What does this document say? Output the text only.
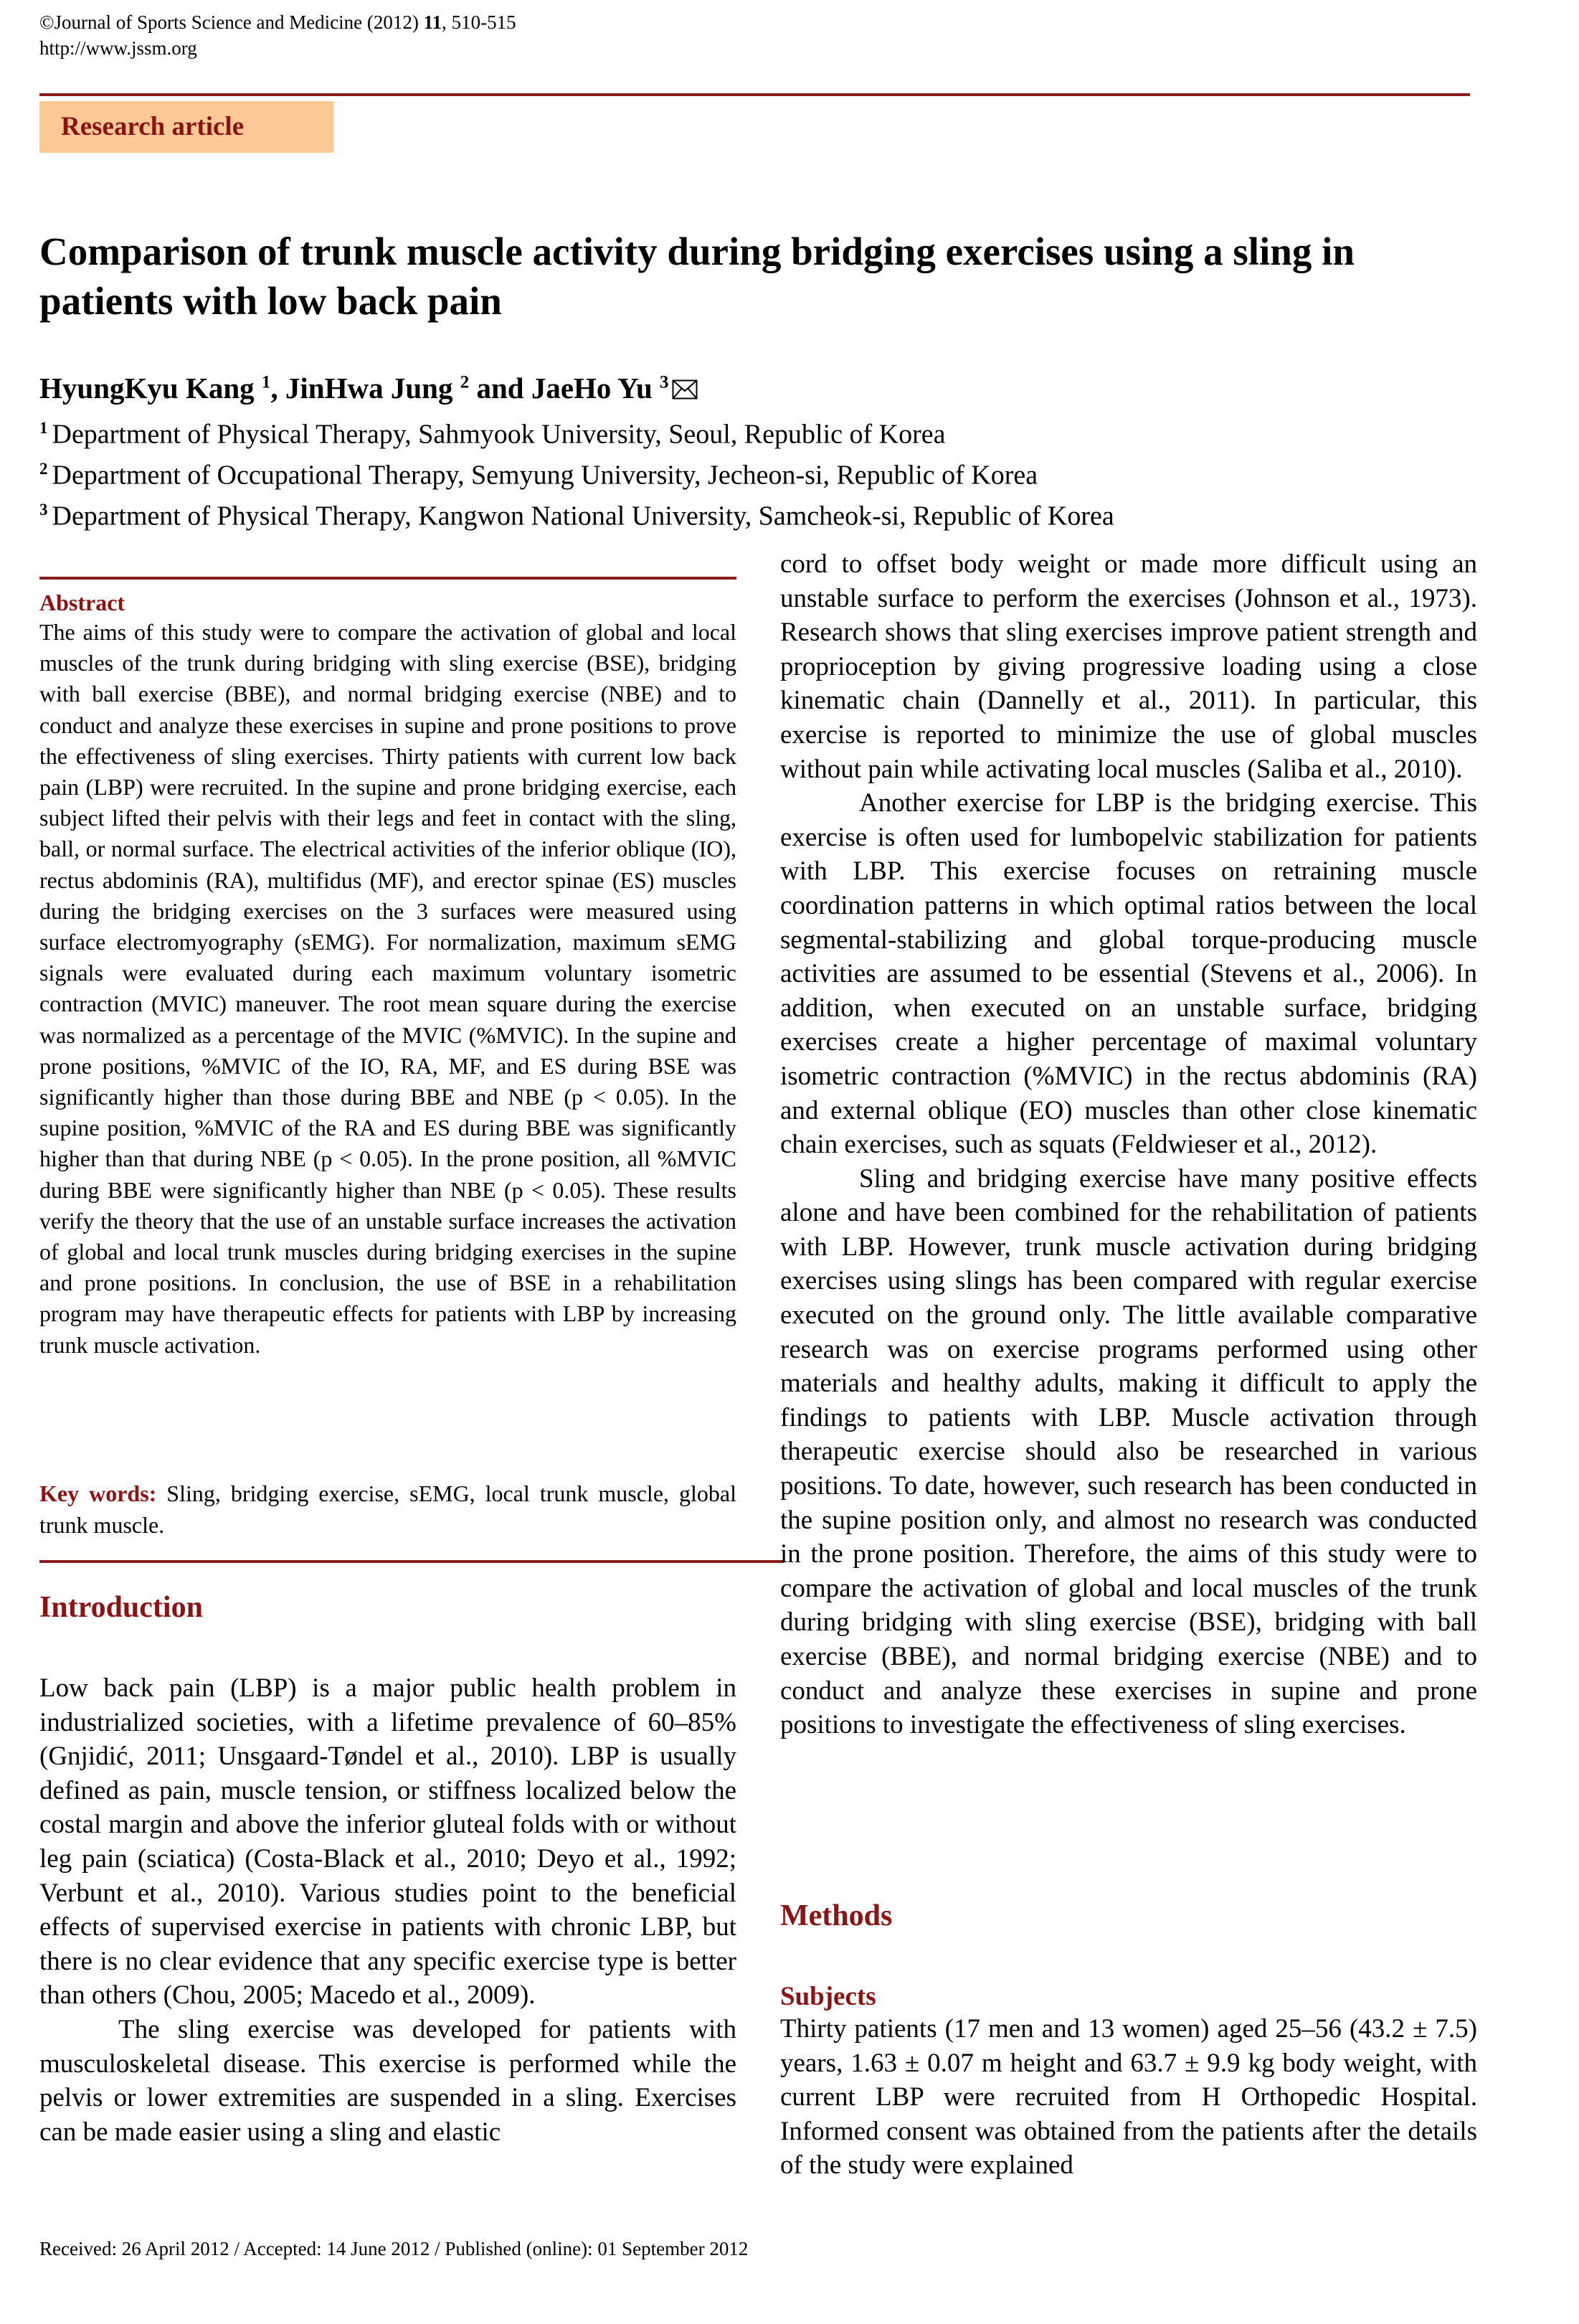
©Journal of Sports Science and Medicine (2012) 11, 510-515
http://www.jssm.org
Research article
Comparison of trunk muscle activity during bridging exercises using a sling in patients with low back pain
HyungKyu Kang $^1$, JinHwa Jung $^2$ and JaeHo Yu $^3$
$^1$ Department of Physical Therapy, Sahmyook University, Seoul, Republic of Korea
$^2$ Department of Occupational Therapy, Semyung University, Jecheon-si, Republic of Korea
$^3$ Department of Physical Therapy, Kangwon National University, Samcheok-si, Republic of Korea
Abstract

The aims of this study were to compare the activation of global and local muscles of the trunk during bridging with sling exercise (BSE), bridging with ball exercise (BBE), and normal bridging exercise (NBE) and to conduct and analyze these exercises in supine and prone positions to prove the effectiveness of sling exercises. Thirty patients with current low back pain (LBP) were recruited. In the supine and prone bridging exercise, each subject lifted their pelvis with their legs and feet in contact with the sling, ball, or normal surface. The electrical activities of the inferior oblique (IO), rectus abdominis (RA), multifidus (MF), and erector spinae (ES) muscles during the bridging exercises on the 3 surfaces were measured using surface electromyography (sEMG). For normalization, maximum sEMG signals were evaluated during each maximum voluntary isometric contraction (MVIC) maneuver. The root mean square during the exercise was normalized as a percentage of the MVIC (%MVIC). In the supine and prone positions, %MVIC of the IO, RA, MF, and ES during BSE was significantly higher than those during BBE and NBE (p < 0.05). In the supine position, %MVIC of the RA and ES during BBE was significantly higher than that during NBE (p < 0.05). In the prone position, all %MVIC during BBE were significantly higher than NBE (p < 0.05). These results verify the theory that the use of an unstable surface increases the activation of global and local trunk muscles during bridging exercises in the supine and prone positions. In conclusion, the use of BSE in a rehabilitation program may have therapeutic effects for patients with LBP by increasing trunk muscle activation.

Key words: Sling, bridging exercise, sEMG, local trunk muscle, global trunk muscle.
Introduction

Low back pain (LBP) is a major public health problem in industrialized societies, with a lifetime prevalence of 60–85% (Gnjidić, 2011; Unsgaard-Tøndel et al., 2010). LBP is usually defined as pain, muscle tension, or stiffness localized below the costal margin and above the inferior gluteal folds with or without leg pain (sciatica) (Costa-Black et al., 2010; Deyo et al., 1992; Verbunt et al., 2010). Various studies point to the beneficial effects of supervised exercise in patients with chronic LBP, but there is no clear evidence that any specific exercise type is better than others (Chou, 2005; Macedo et al., 2009).

The sling exercise was developed for patients with musculoskeletal disease. This exercise is performed while the pelvis or lower extremities are suspended in a sling. Exercises can be made easier using a sling and elastic

cord to offset body weight or made more difficult using an unstable surface to perform the exercises (Johnson et al., 1973). Research shows that sling exercises improve patient strength and proprioception by giving progressive loading using a close kinematic chain (Dannelly et al., 2011). In particular, this exercise is reported to minimize the use of global muscles without pain while activating local muscles (Saliba et al., 2010).

Another exercise for LBP is the bridging exercise. This exercise is often used for lumbopelvic stabilization for patients with LBP. This exercise focuses on retraining muscle coordination patterns in which optimal ratios between the local segmental-stabilizing and global torque-producing muscle activities are assumed to be essential (Stevens et al., 2006). In addition, when executed on an unstable surface, bridging exercises create a higher percentage of maximal voluntary isometric contraction (%MVIC) in the rectus abdominis (RA) and external oblique (EO) muscles than other close kinematic chain exercises, such as squats (Feldwieser et al., 2012).

Sling and bridging exercise have many positive effects alone and have been combined for the rehabilitation of patients with LBP. However, trunk muscle activation during bridging exercises using slings has been compared with regular exercise executed on the ground only. The little available comparative research was on exercise programs performed using other materials and healthy adults, making it difficult to apply the findings to patients with LBP. Muscle activation through therapeutic exercise should also be researched in various positions. To date, however, such research has been conducted in the supine position only, and almost no research was conducted in the prone position. Therefore, the aims of this study were to compare the activation of global and local muscles of the trunk during bridging with sling exercise (BSE), bridging with ball exercise (BBE), and normal bridging exercise (NBE) and to conduct and analyze these exercises in supine and prone positions to investigate the effectiveness of sling exercises.

Methods
Subjects

Thirty patients (17 men and 13 women) aged 25–56 (43.2 ± 7.5) years, 1.63 ± 0.07 m height and 63.7 ± 9.9 kg body weight, with current LBP were recruited from H Orthopedic Hospital. Informed consent was obtained from the patients after the details of the study were explained

Received: 26 April 2012 / Accepted: 14 June 2012 / Published (online): 01 September 2012
